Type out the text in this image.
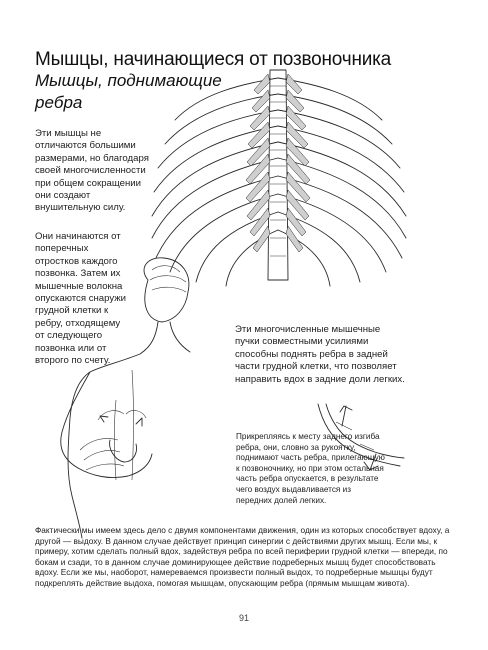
Мышцы, начинающиеся от позвоночника
Мышцы, поднимающие ребра

Эти мышцы не отличаются большими размерами, но благодаря своей многочисленности при общем сокращении они создают внушительную силу.

Они начинаются от поперечных отростков каждого позвонка. Затем их мышечные волокна опускаются снаружи грудной клетки к ребру, отходящему от следующего позвонка или от второго по счету.

Эти многочисленные мышечные пучки совместными усилиями способны поднять ребра в задней части грудной клетки, что позволяет направить вдох в задние доли легких.

Прикрепляясь к месту заднего изгиба ребра, они, словно за рукоятку, поднимают часть ребра, прилегающую к позвоночнику, но при этом остальная часть ребра опускается, в результате чего воздух выдавливается из передних долей легких.

Фактически мы имеем здесь дело с двумя компонентами движения, один из которых способствует вдоху, а другой — выдоху. В данном случае действует принцип синергии с действиями других мышц. Если мы, к примеру, хотим сделать полный вдох, задействуя ребра по всей периферии грудной клетки — впереди, по бокам и сзади, то в данном случае доминирующее действие подреберных мышц будет способствовать вдоху. Если же мы, наоборот, намереваемся произвести полный выдох, то подреберные мышцы будут подкреплять действие выдоха, помогая мышцам, опускающим ребра (прямым мышцам живота).

91
